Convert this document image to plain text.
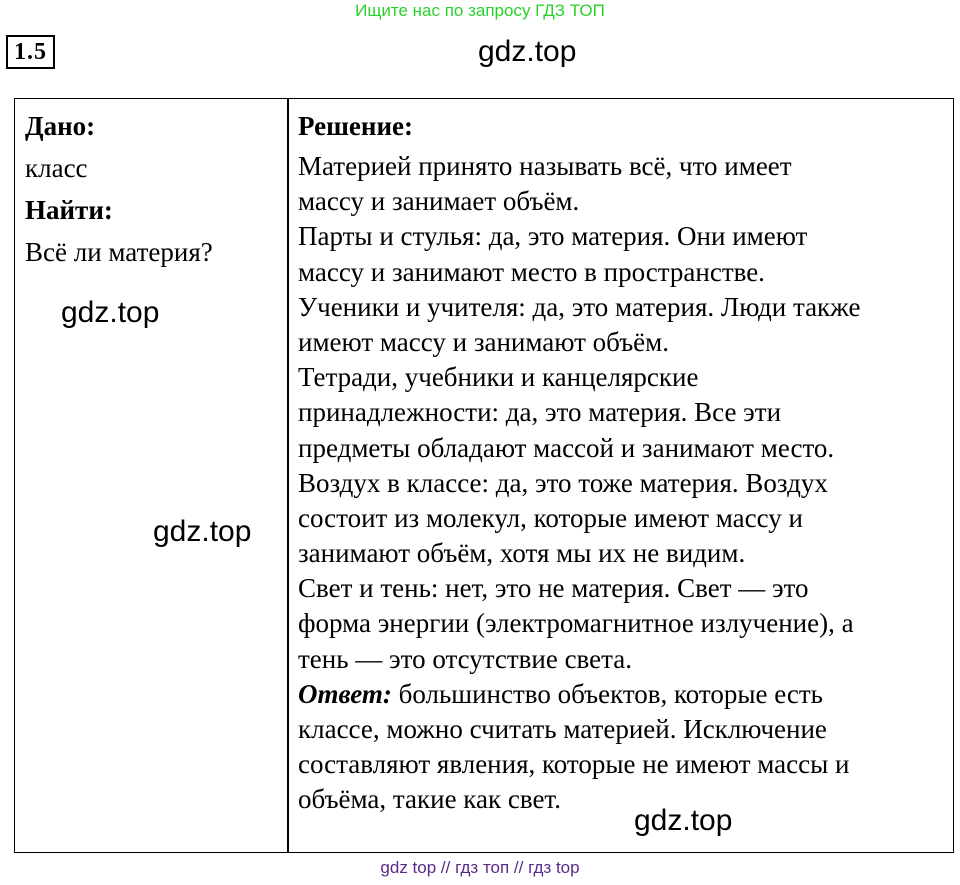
Ищите нас по запросу ГДЗ ТОП
1.5	gdz.top
Дано:
класс
Найти:
Всё ли материя?
Решение:
Материей принято называть всё, что имеет
массу и занимает объём.
Парты и стулья: да, это материя. Они имеют
массу и занимают место в пространстве.
Ученики и учителя: да, это материя. Люди также
имеют массу и занимают объём.
Тетради, учебники и канцелярские
принадлежности: да, это материя. Все эти
предметы обладают массой и занимают место.
Воздух в классе: да, это тоже материя. Воздух
состоит из молекул, которые имеют массу и
занимают объём, хотя мы их не видим.
Свет и тень: нет, это не материя. Свет — это
форма энергии (электромагнитное излучение), а
тень — это отсутствие света.
Ответ: большинство объектов, которые есть
классе, можно считать материей. Исключение
составляют явления, которые не имеют массы и
объёма, такие как свет.
gdz.top
gdz.top
gdz.top
gdz top // гдз топ // гдз top
